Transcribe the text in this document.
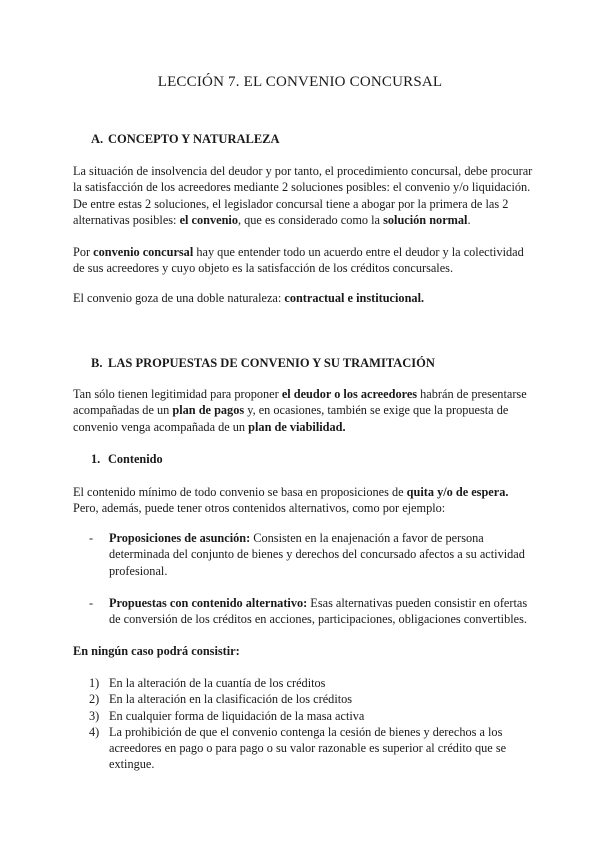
LECCIÓN 7. EL CONVENIO CONCURSAL
A. CONCEPTO Y NATURALEZA
La situación de insolvencia del deudor y por tanto, el procedimiento concursal, debe procurar
la satisfacción de los acreedores mediante 2 soluciones posibles: el convenio y/o liquidación.
De entre estas 2 soluciones, el legislador concursal tiene a abogar por la primera de las 2
alternativas posibles: el convenio, que es considerado como la solución normal.
Por convenio concursal hay que entender todo un acuerdo entre el deudor y la colectividad
de sus acreedores y cuyo objeto es la satisfacción de los créditos concursales.
El convenio goza de una doble naturaleza: contractual e institucional.
B. LAS PROPUESTAS DE CONVENIO Y SU TRAMITACIÓN
Tan sólo tienen legitimidad para proponer el deudor o los acreedores habrán de presentarse
acompañadas de un plan de pagos y, en ocasiones, también se exige que la propuesta de
convenio venga acompañada de un plan de viabilidad.
1. Contenido
El contenido mínimo de todo convenio se basa en proposiciones de quita y/o de espera.
Pero, además, puede tener otros contenidos alternativos, como por ejemplo:
- Proposiciones de asunción: Consisten en la enajenación a favor de persona
determinada del conjunto de bienes y derechos del concursado afectos a su actividad
profesional.
- Propuestas con contenido alternativo: Esas alternativas pueden consistir en ofertas
de conversión de los créditos en acciones, participaciones, obligaciones convertibles.
En ningún caso podrá consistir:
1) En la alteración de la cuantía de los créditos
2) En la alteración en la clasificación de los créditos
3) En cualquier forma de liquidación de la masa activa
4) La prohibición de que el convenio contenga la cesión de bienes y derechos a los
acreedores en pago o para pago o su valor razonable es superior al crédito que se
extingue.
